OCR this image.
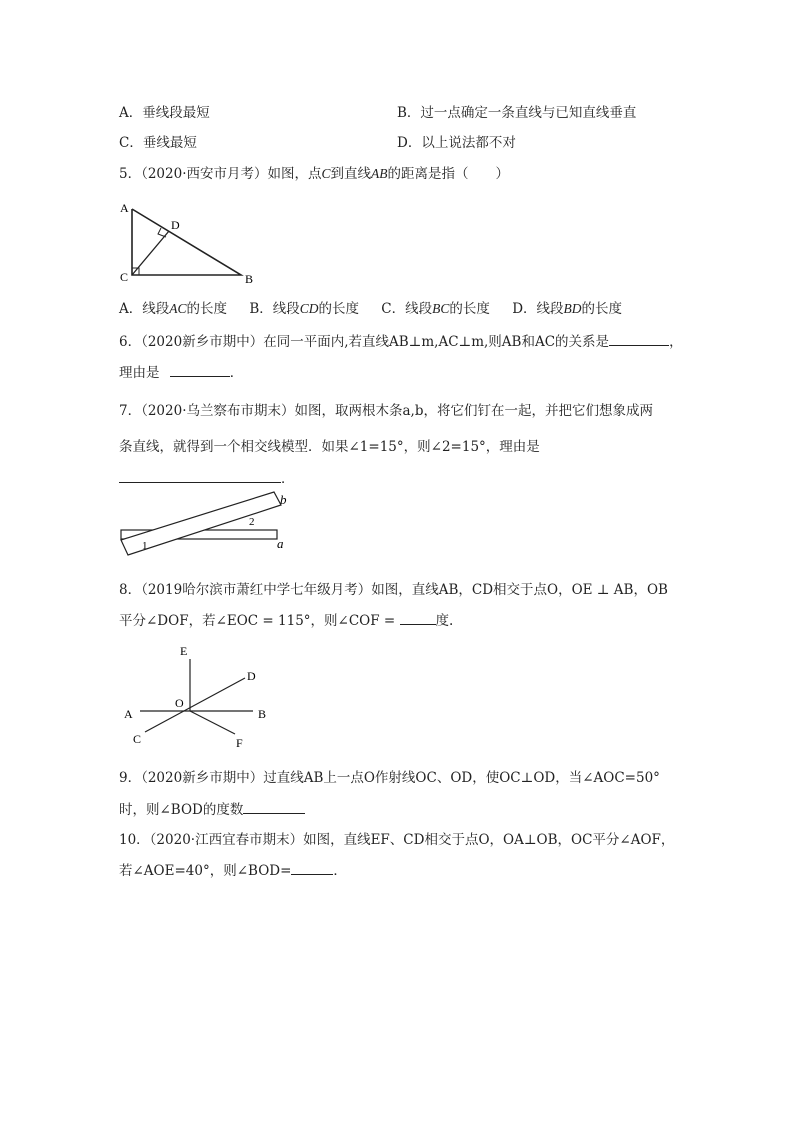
A．垂线段最短	B．过一点确定一条直线与已知直线垂直
C．垂线最短	D．以上说法都不对
5．（2020·西安市月考）如图，点C到直线AB的距离是指（　　）
A
D
C	B
A．线段AC的长度 B．线段CD的长度 C．线段BC的长度 D．线段BD的长度
6．（2020新乡市期中）在同一平面内,若直线AB⊥m,AC⊥m,则AB和AC的关系是	，
理由是	．
7．（2020·乌兰察布市期末）如图，取两根木条a,b，将它们钉在一起，并把它们想象成两
条直线，就得到一个相交线模型．如果∠1=15°，则∠2=15°，理由是
．
b
a
1
2
8．（2019哈尔滨市萧红中学七年级月考）如图，直线AB，CD相交于点O，OE ⊥ AB，OB
平分∠DOF，若∠EOC = 115°，则∠COF =	度.
E
D
O
A	B
C	F
9．（2020新乡市期中）过直线AB上一点O作射线OC、OD，使OC⊥OD，当∠AOC=50°
时，则∠BOD的度数
10．（2020·江西宜春市期末）如图，直线EF、CD相交于点O，OA⊥OB，OC平分∠AOF，
若∠AOE=40°，则∠BOD=	．
